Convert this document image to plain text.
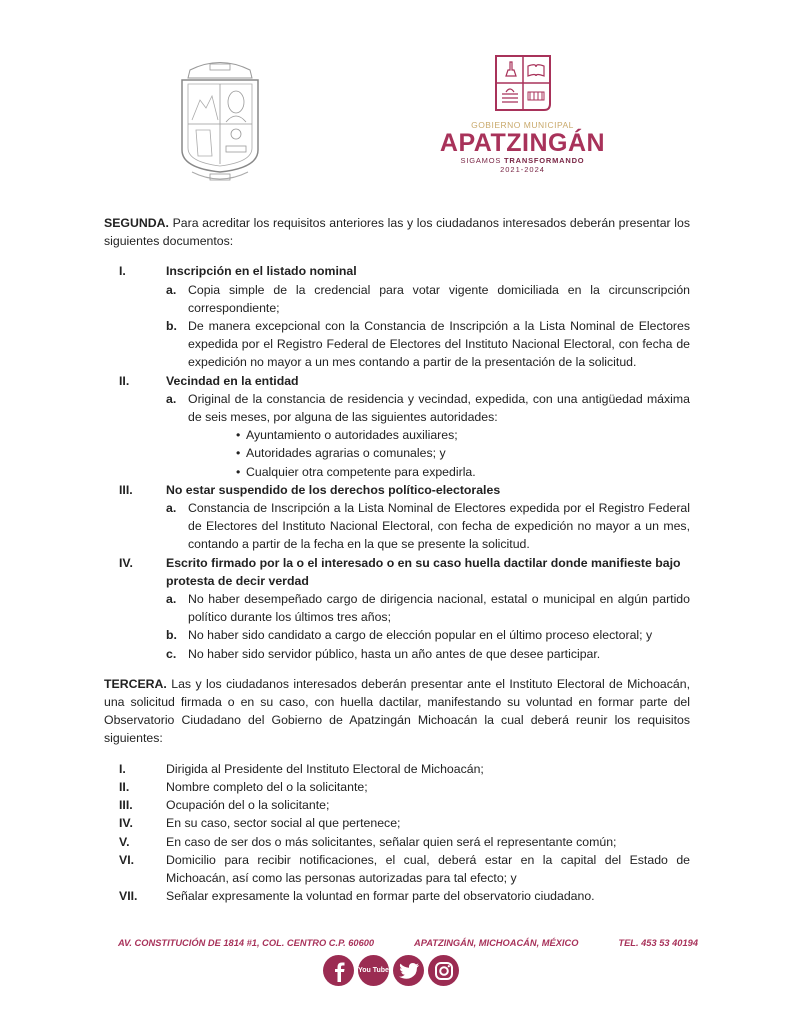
GOBIERNO MUNICIPAL
APATZINGÁN
SIGAMOS TRANSFORMANDO
2021-2024

SEGUNDA. Para acreditar los requisitos anteriores las y los ciudadanos interesados deberán presentar los siguientes documentos:

I.	Inscripción en el listado nominal
a. Copia simple de la credencial para votar vigente domiciliada en la circunscripción correspondiente;
b. De manera excepcional con la Constancia de Inscripción a la Lista Nominal de Electores expedida por el Registro Federal de Electores del Instituto Nacional Electoral, con fecha de expedición no mayor a un mes contando a partir de la presentación de la solicitud.
II.	Vecindad en la entidad
a. Original de la constancia de residencia y vecindad, expedida, con una antigüedad máxima de seis meses, por alguna de las siguientes autoridades:
• Ayuntamiento o autoridades auxiliares;
• Autoridades agrarias o comunales; y
• Cualquier otra competente para expedirla.
III.	No estar suspendido de los derechos político-electorales
a. Constancia de Inscripción a la Lista Nominal de Electores expedida por el Registro Federal de Electores del Instituto Nacional Electoral, con fecha de expedición no mayor a un mes, contando a partir de la fecha en la que se presente la solicitud.
IV.	Escrito firmado por la o el interesado o en su caso huella dactilar donde manifieste bajo protesta de decir verdad
a. No haber desempeñado cargo de dirigencia nacional, estatal o municipal en algún partido político durante los últimos tres años;
b. No haber sido candidato a cargo de elección popular en el último proceso electoral; y
c. No haber sido servidor público, hasta un año antes de que desee participar.

TERCERA. Las y los ciudadanos interesados deberán presentar ante el Instituto Electoral de Michoacán, una solicitud firmada o en su caso, con huella dactilar, manifestando su voluntad en formar parte del Observatorio Ciudadano del Gobierno de Apatzingán Michoacán la cual deberá reunir los requisitos siguientes:

I.	Dirigida al Presidente del Instituto Electoral de Michoacán;
II.	Nombre completo del o la solicitante;
III.	Ocupación del o la solicitante;
IV.	En su caso, sector social al que pertenece;
V.	En caso de ser dos o más solicitantes, señalar quien será el representante común;
VI.	Domicilio para recibir notificaciones, el cual, deberá estar en la capital del Estado de Michoacán, así como las personas autorizadas para tal efecto; y
VII.	Señalar expresamente la voluntad en formar parte del observatorio ciudadano.
AV. CONSTITUCIÓN DE 1814 #1, COL. CENTRO C.P. 60600	APATZINGÁN, MICHOACÁN, MÉXICO	TEL. 453 53 40194
You Tube
